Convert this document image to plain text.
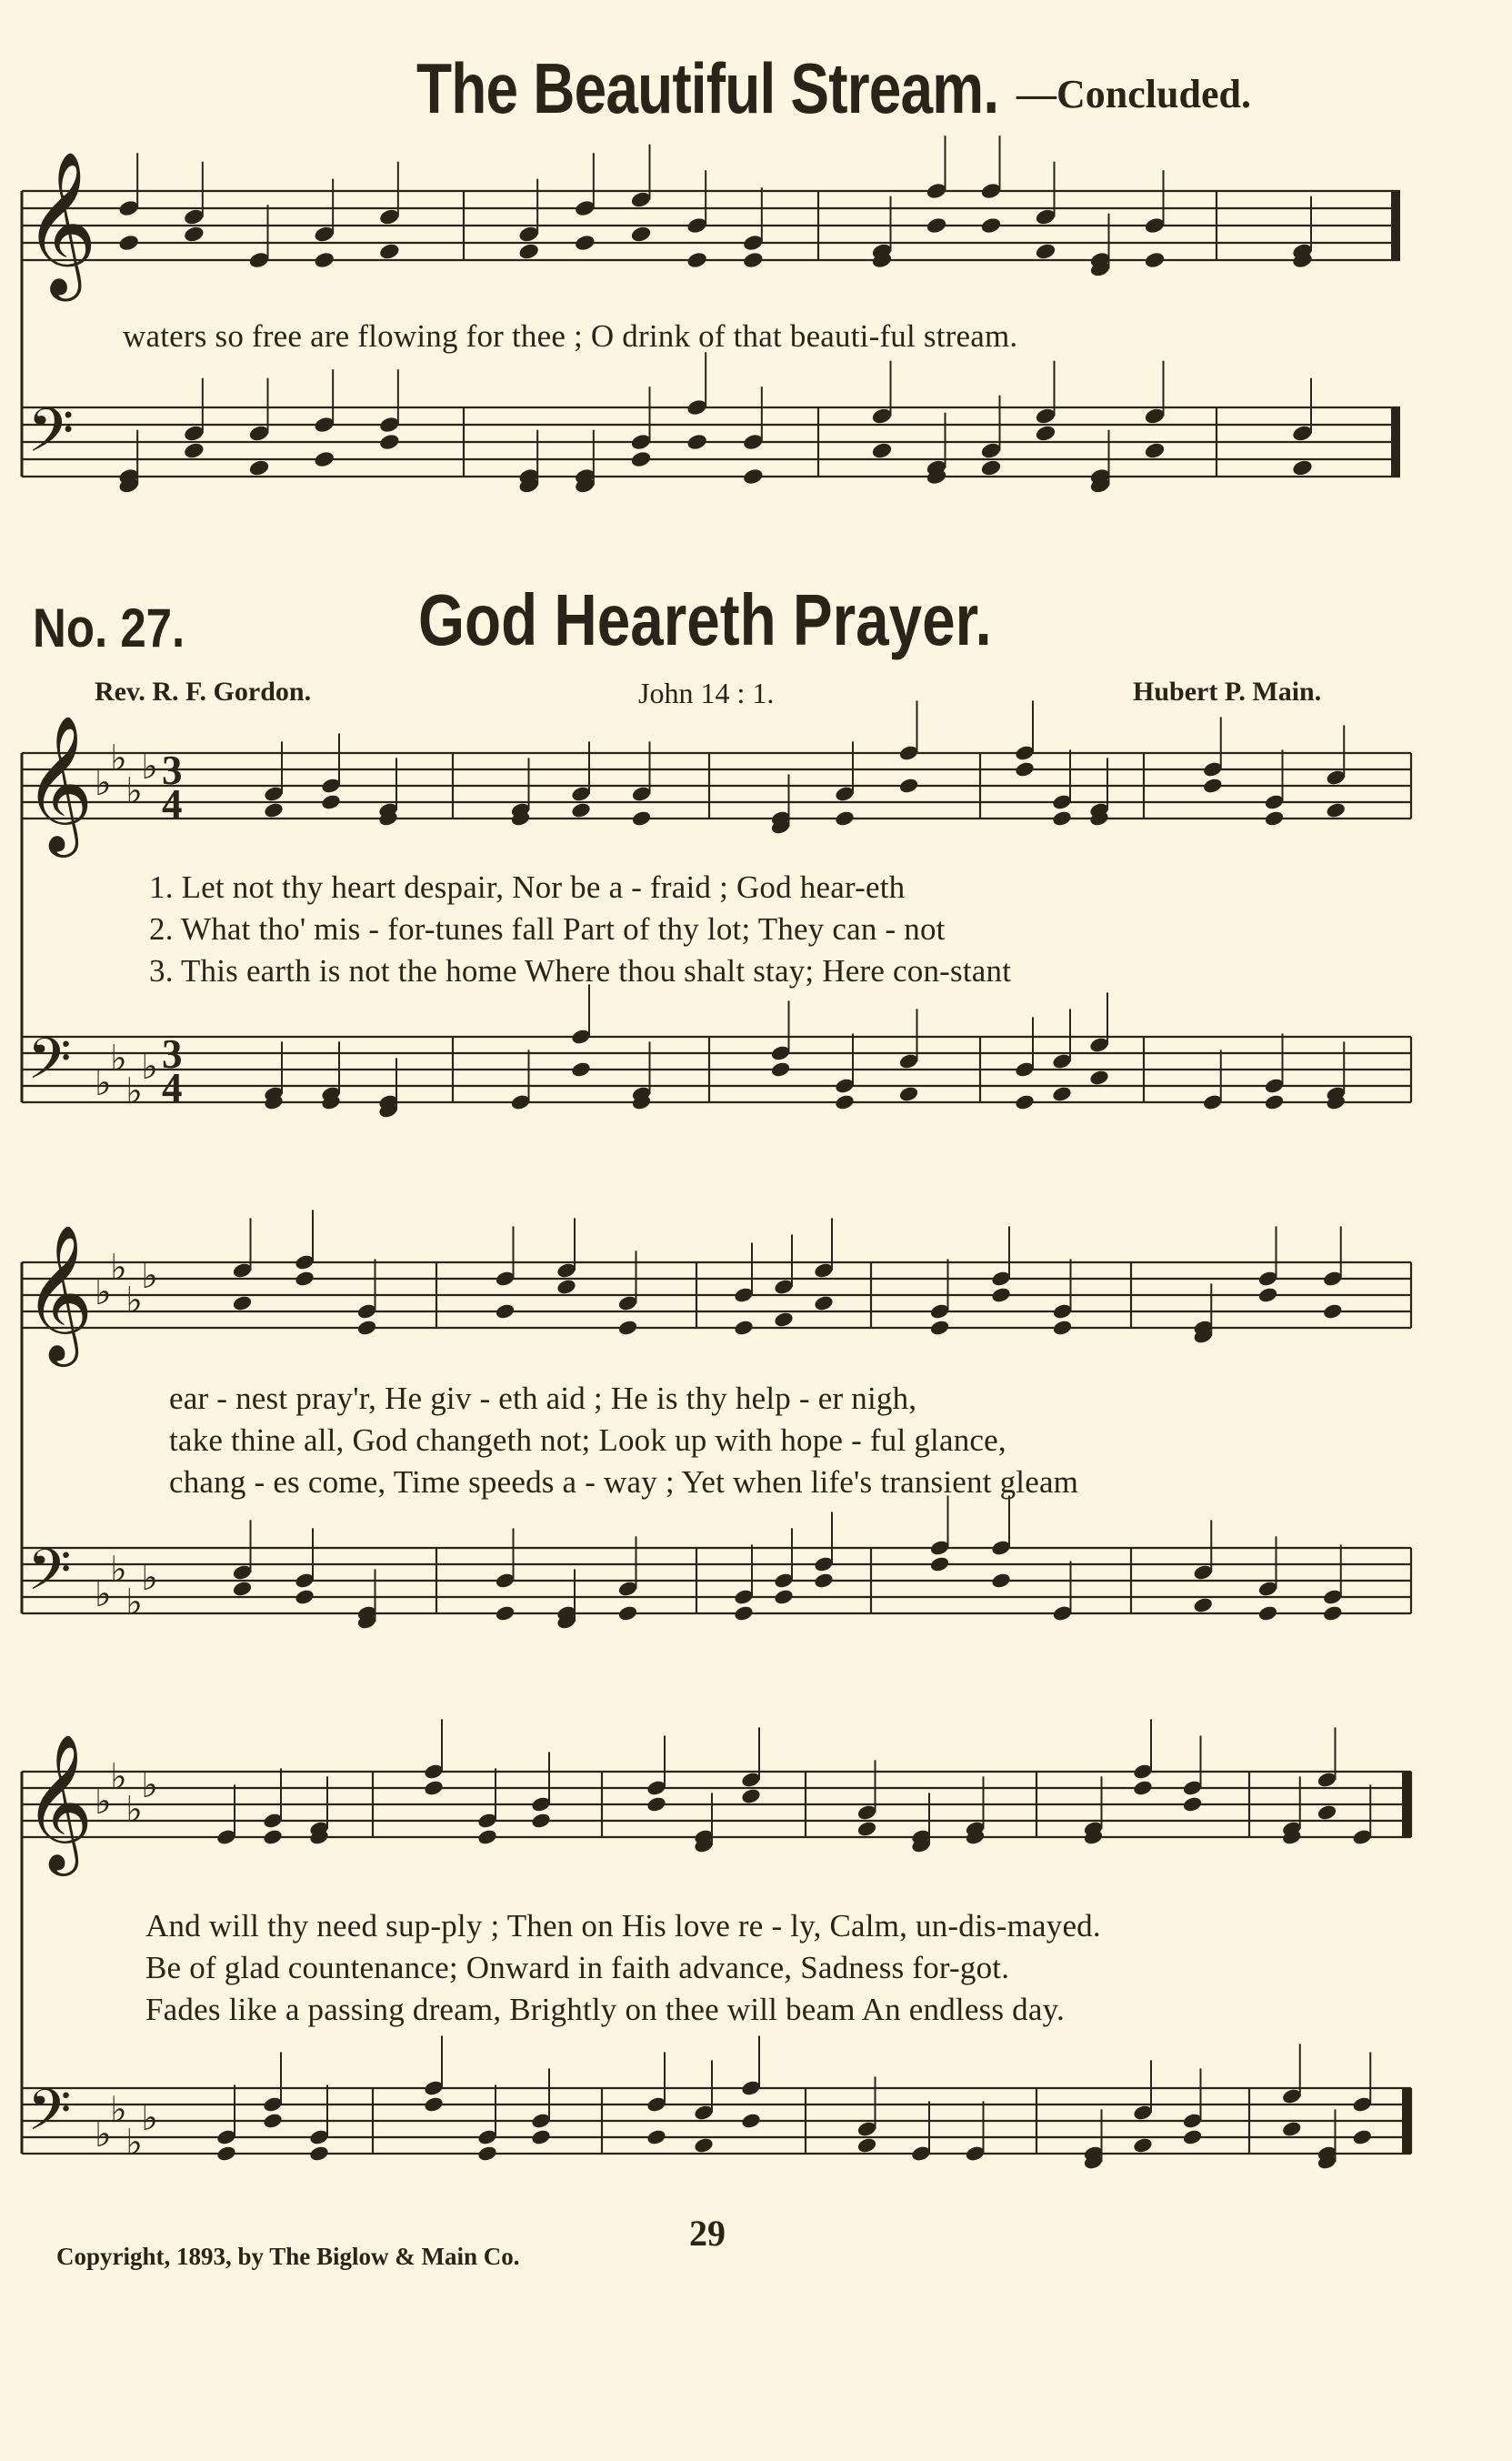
𝄞
𝄢
𝄞
𝄢
♭
♭
♭
♭
♭
♭
♭
♭
3
4
3
4
𝄞
𝄢
♭
♭
♭
♭
♭
♭
♭
♭
𝄞
𝄢
♭
♭
♭
♭
♭
♭
♭
♭
The Beautiful Stream. —Concluded.
waters so free are flowing for thee ; O drink of that beauti-ful stream.
No. 27.	God Heareth Prayer.
Rev. R. F. Gordon.	John 14 : 1.	Hubert P. Main.
1. Let not thy heart despair, Nor be a - fraid ; God hear-eth
2. What tho' mis - for-tunes fall Part of thy lot; They can - not
3. This earth is not the home Where thou shalt stay; Here con-stant
ear - nest pray'r, He giv - eth aid ; He is thy help - er nigh,
take thine all, God changeth not; Look up with hope - ful glance,
chang - es come, Time speeds a - way ; Yet when life's transient gleam
And will thy need sup-ply ; Then on His love re - ly, Calm, un-dis-mayed.
Be of glad countenance; Onward in faith advance, Sadness for-got.
Fades like a passing dream, Brightly on thee will beam An endless day.
29
Copyright, 1893, by The Biglow & Main Co.
